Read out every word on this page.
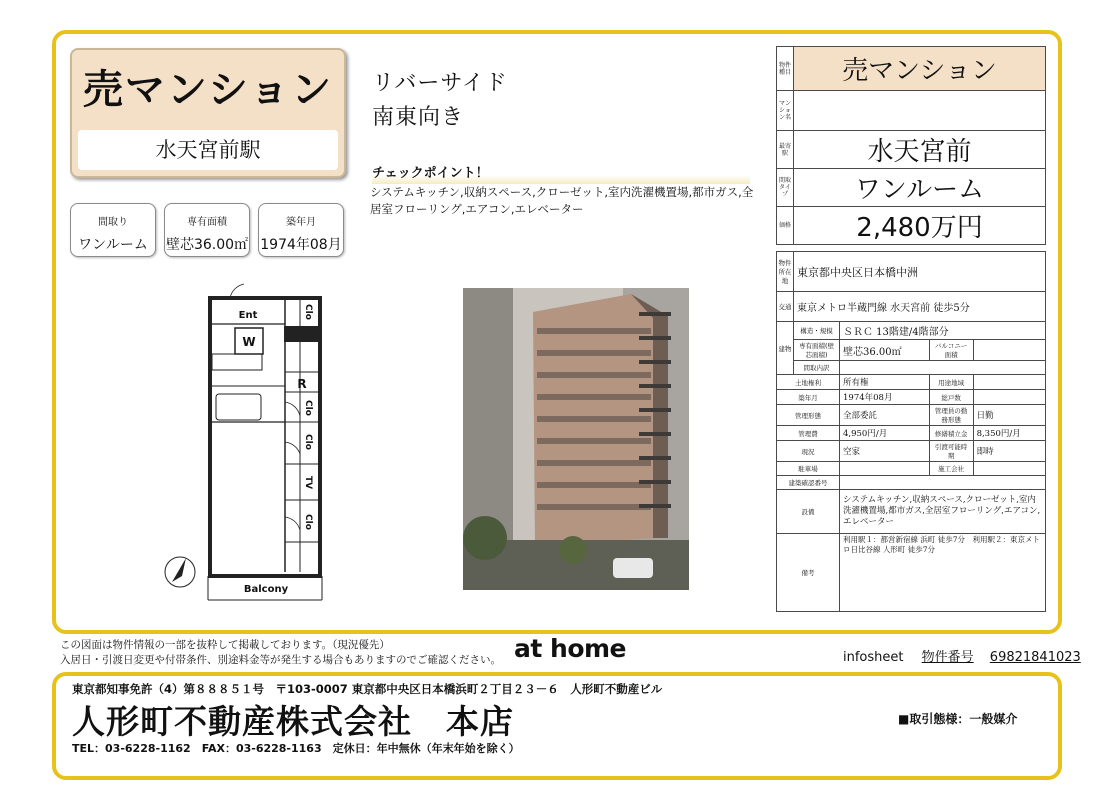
売マンション
水天宮前駅
リバーサイド
南東向き
チェックポイント！
システムキッチン,収納スペース,クローゼット,室内洗濯機置場,都市ガス,全居室フローリング,エアコン,エレベーター
間取り
ワンルーム
専有面積
壁芯36.00㎡
築年月
1974年08月
Ent
W
R
Balcony
Clo
Clo
Clo
TV
Clo
物件種目	売マンション
マンション名	
最寄駅	水天宮前
間取タイプ	ワンルーム
価格	2,480万円
物件所在地	東京都中央区日本橋中洲			
交通	東京メトロ半蔵門線 水天宮前 徒歩5分			
建物	構造・規模	ＳＲＣ 13階建/4階部分		
	専有面積(壁芯面積)	壁芯36.00㎡	バルコニー面積	
	間取内訳			
土地権利		所有権	用途地域	
築年月		1974年08月	総戸数	
管理形態		全部委託	管理員の勤務形態	日勤
管理費		4,950円/月	修繕積立金	8,350円/月
現況		空家	引渡可能時期	即時
駐車場			施工会社	
建築確認番号				
設備		システムキッチン,収納スペース,クローゼット,室内洗濯機置場,都市ガス,全居室フローリング,エアコン,エレベーター		
備考		利用駅１：都営新宿線 浜町 徒歩7分　利用駅２：東京メトロ日比谷線 人形町 徒歩7分		
この図面は物件情報の一部を抜粋して掲載しております。（現況優先）
入居日・引渡日変更や付帯条件、別途料金等が発生する場合もありますのでご確認ください。 at home	infosheet 物件番号 69821841023
東京都知事免許（4）第８８８５１号　〒103-0007 東京都中央区日本橋浜町２丁目２３－６　人形町不動産ビル
人形町不動産株式会社　本店
TEL：03-6228-1162　FAX：03-6228-1163　定休日：年中無休（年末年始を除く）
■取引態様：一般媒介
